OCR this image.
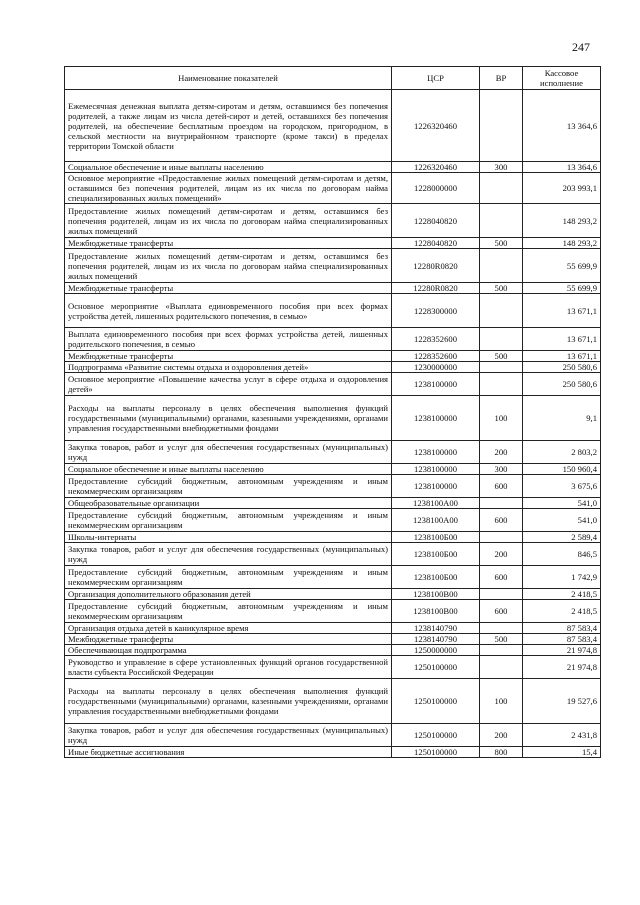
247
Наименование показателей	ЦСР	ВР	Кассовое исполнение
Ежемесячная денежная выплата детям-сиротам и детям, оставшимся без попечения родителей, а также лицам из числа детей-сирот и детей, оставшихся без попечения родителей, на обеспечение бесплатным проездом на городском, пригородном, в сельской местности на внутрирайонном транспорте (кроме такси) в пределах территории Томской области	1226320460		13 364,6
Социальное обеспечение и иные выплаты населению	1226320460	300	13 364,6
Основное мероприятие «Предоставление жилых помещений детям-сиротам и детям, оставшимся без попечения родителей, лицам из их числа по договорам найма специализированных жилых помещений»	1228000000		203 993,1
Предоставление жилых помещений детям-сиротам и детям, оставшимся без попечения родителей, лицам из их числа по договорам найма специализированных жилых помещений	1228040820		148 293,2
Межбюджетные трансферты	1228040820	500	148 293,2
Предоставление жилых помещений детям-сиротам и детям, оставшимся без попечения родителей, лицам из их числа по договорам найма специализированных жилых помещений	12280R0820		55 699,9
Межбюджетные трансферты	12280R0820	500	55 699,9
Основное мероприятие «Выплата единовременного пособия при всех формах устройства детей, лишенных родительского попечения, в семью»	1228300000		13 671,1
Выплата единовременного пособия при всех формах устройства детей, лишенных родительского попечения, в семью	1228352600		13 671,1
Межбюджетные трансферты	1228352600	500	13 671,1
Подпрограмма «Развитие системы отдыха и оздоровления детей»	1230000000		250 580,6
Основное мероприятие «Повышение качества услуг в сфере отдыха и оздоровления детей»	1238100000		250 580,6
Расходы на выплаты персоналу в целях обеспечения выполнения функций государственными (муниципальными) органами, казенными учреждениями, органами управления государственными внебюджетными фондами	1238100000	100	9,1
Закупка товаров, работ и услуг для обеспечения государственных (муниципальных) нужд	1238100000	200	2 803,2
Социальное обеспечение и иные выплаты населению	1238100000	300	150 960,4
Предоставление субсидий бюджетным, автономным учреждениям и иным некоммерческим организациям	1238100000	600	3 675,6
Общеобразовательные организации	1238100А00		541,0
Предоставление субсидий бюджетным, автономным учреждениям и иным некоммерческим организациям	1238100А00	600	541,0
Школы-интернаты	1238100Б00		2 589,4
Закупка товаров, работ и услуг для обеспечения государственных (муниципальных) нужд	1238100Б00	200	846,5
Предоставление субсидий бюджетным, автономным учреждениям и иным некоммерческим организациям	1238100Б00	600	1 742,9
Организация дополнительного образования детей	1238100В00		2 418,5
Предоставление субсидий бюджетным, автономным учреждениям и иным некоммерческим организациям	1238100В00	600	2 418,5
Организация отдыха детей в каникулярное время	1238140790		87 583,4
Межбюджетные трансферты	1238140790	500	87 583,4
Обеспечивающая подпрограмма	1250000000		21 974,8
Руководство и управление в сфере установленных функций органов государственной власти субъекта Российской Федерации	1250100000		21 974,8
Расходы на выплаты персоналу в целях обеспечения выполнения функций государственными (муниципальными) органами, казенными учреждениями, органами управления государственными внебюджетными фондами	1250100000	100	19 527,6
Закупка товаров, работ и услуг для обеспечения государственных (муниципальных) нужд	1250100000	200	2 431,8
Иные бюджетные ассигнования	1250100000	800	15,4
